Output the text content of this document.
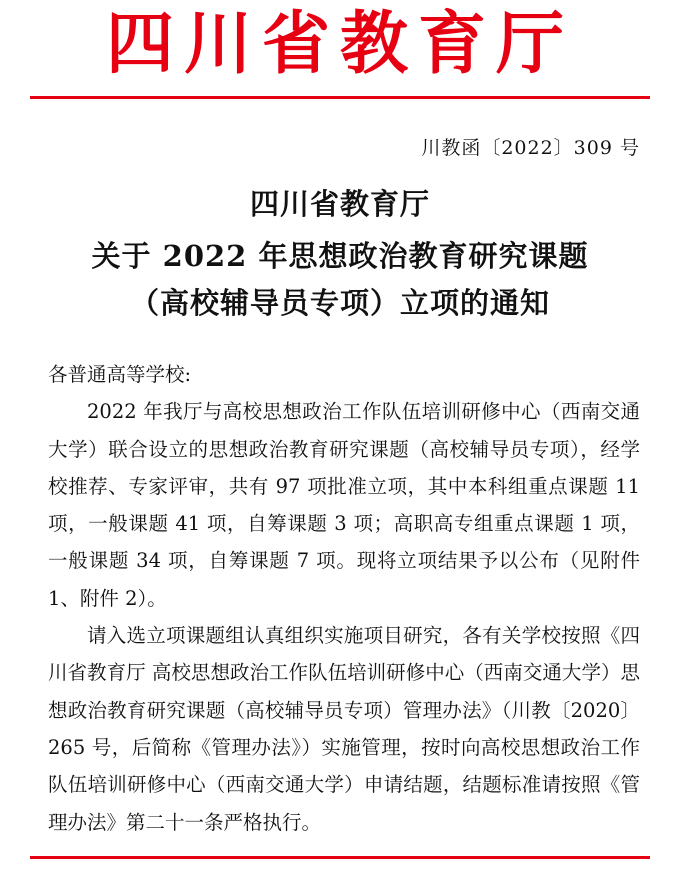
四川省教育厅
川教函〔2022〕309 号
四川省教育厅
关于 2022 年思想政治教育研究课题
（高校辅导员专项）立项的通知

各普通高等学校:

2022 年我厅与高校思想政治工作队伍培训研修中心（西南交通大学）联合设立的思想政治教育研究课题（高校辅导员专项），经学校推荐、专家评审，共有 97 项批准立项，其中本科组重点课题 11 项，一般课题 41 项，自筹课题 3 项；高职高专组重点课题 1 项，一般课题 34 项，自筹课题 7 项。现将立项结果予以公布（见附件 1、附件 2）。

请入选立项课题组认真组织实施项目研究，各有关学校按照《四川省教育厅 高校思想政治工作队伍培训研修中心（西南交通大学）思想政治教育研究课题（高校辅导员专项）管理办法》（川教〔2020〕265 号，后简称《管理办法》）实施管理，按时向高校思想政治工作队伍培训研修中心（西南交通大学）申请结题，结题标准请按照《管理办法》第二十一条严格执行。
